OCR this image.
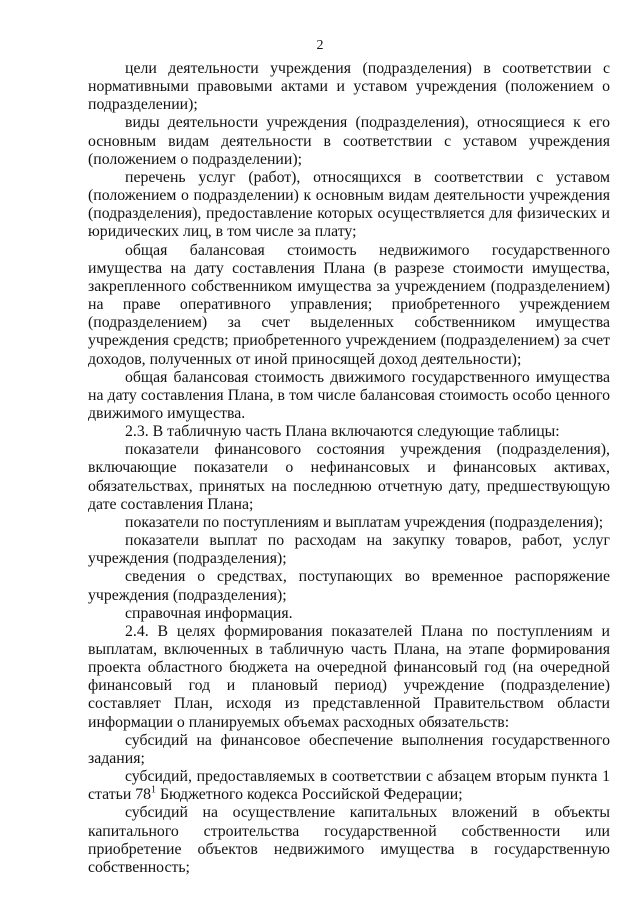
2

цели деятельности учреждения (подразделения) в соответствии с нормативными правовыми актами и уставом учреждения (положением о подразделении);

виды деятельности учреждения (подразделения), относящиеся к его основным видам деятельности в соответствии с уставом учреждения (положением о подразделении);

перечень услуг (работ), относящихся в соответствии с уставом (положением о подразделении) к основным видам деятельности учреждения (подразделения), предоставление которых осуществляется для физических и юридических лиц, в том числе за плату;

общая балансовая стоимость недвижимого государственного имущества на дату составления Плана (в разрезе стоимости имущества, закрепленного собственником имущества за учреждением (подразделением) на праве оперативного управления; приобретенного учреждением (подразделением) за счет выделенных собственником имущества учреждения средств; приобретенного учреждением (подразделением) за счет доходов, полученных от иной приносящей доход деятельности);

общая балансовая стоимость движимого государственного имущества на дату составления Плана, в том числе балансовая стоимость особо ценного движимого имущества.

2.3. В табличную часть Плана включаются следующие таблицы:

показатели финансового состояния учреждения (подразделения), включающие показатели о нефинансовых и финансовых активах, обязательствах, принятых на последнюю отчетную дату, предшествующую дате составления Плана;

показатели по поступлениям и выплатам учреждения (подразделения);

показатели выплат по расходам на закупку товаров, работ, услуг учреждения (подразделения);

сведения о средствах, поступающих во временное распоряжение учреждения (подразделения);

справочная информация.

2.4. В целях формирования показателей Плана по поступлениям и выплатам, включенных в табличную часть Плана, на этапе формирования проекта областного бюджета на очередной финансовый год (на очередной финансовый год и плановый период) учреждение (подразделение) составляет План, исходя из представленной Правительством области информации о планируемых объемах расходных обязательств:

субсидий на финансовое обеспечение выполнения государственного задания;

субсидий, предоставляемых в соответствии с абзацем вторым пункта 1 статьи $78^1$ Бюджетного кодекса Российской Федерации;

субсидий на осуществление капитальных вложений в объекты капитального строительства государственной собственности или приобретение объектов недвижимого имущества в государственную собственность;
